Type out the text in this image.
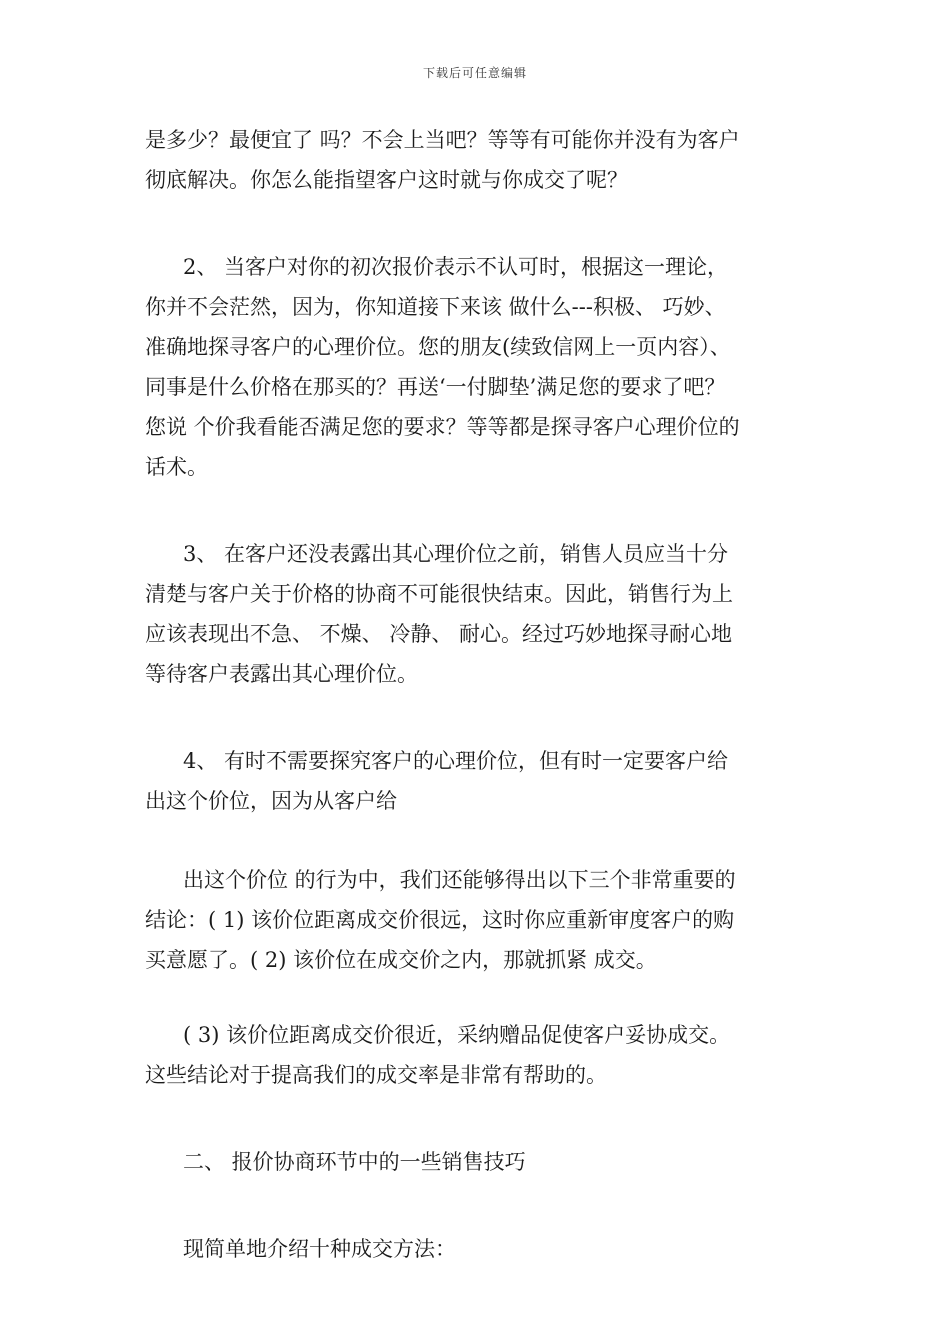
下载后可任意编辑
是多少？最便宜了 吗？不会上当吧？等等有可能你并没有为客户
彻底解决。你怎么能指望客户这时就与你成交了呢？
2、 当客户对你的初次报价表示不认可时，根据这一理论，
你并不会茫然，因为，你知道接下来该 做什么---积极、 巧妙、
准确地探寻客户的心理价位。您的朋友(续致信网上一页内容）、
同事是什么价格在那买的？再送‘一付脚垫’满足您的要求了吧？
您说 个价我看能否满足您的要求？等等都是探寻客户心理价位的
话术。
3、 在客户还没表露出其心理价位之前，销售人员应当十分
清楚与客户关于价格的协商不可能很快结束。因此，销售行为上
应该表现出不急、 不燥、 冷静、 耐心。经过巧妙地探寻耐心地
等待客户表露出其心理价位。
4、 有时不需要探究客户的心理价位，但有时一定要客户给
出这个价位，因为从客户给
出这个价位 的行为中，我们还能够得出以下三个非常重要的
结论：( 1) 该价位距离成交价很远，这时你应重新审度客户的购
买意愿了。( 2) 该价位在成交价之内，那就抓紧 成交。
( 3) 该价位距离成交价很近，采纳赠品促使客户妥协成交。
这些结论对于提高我们的成交率是非常有帮助的。
二、 报价协商环节中的一些销售技巧
现简单地介绍十种成交方法：
